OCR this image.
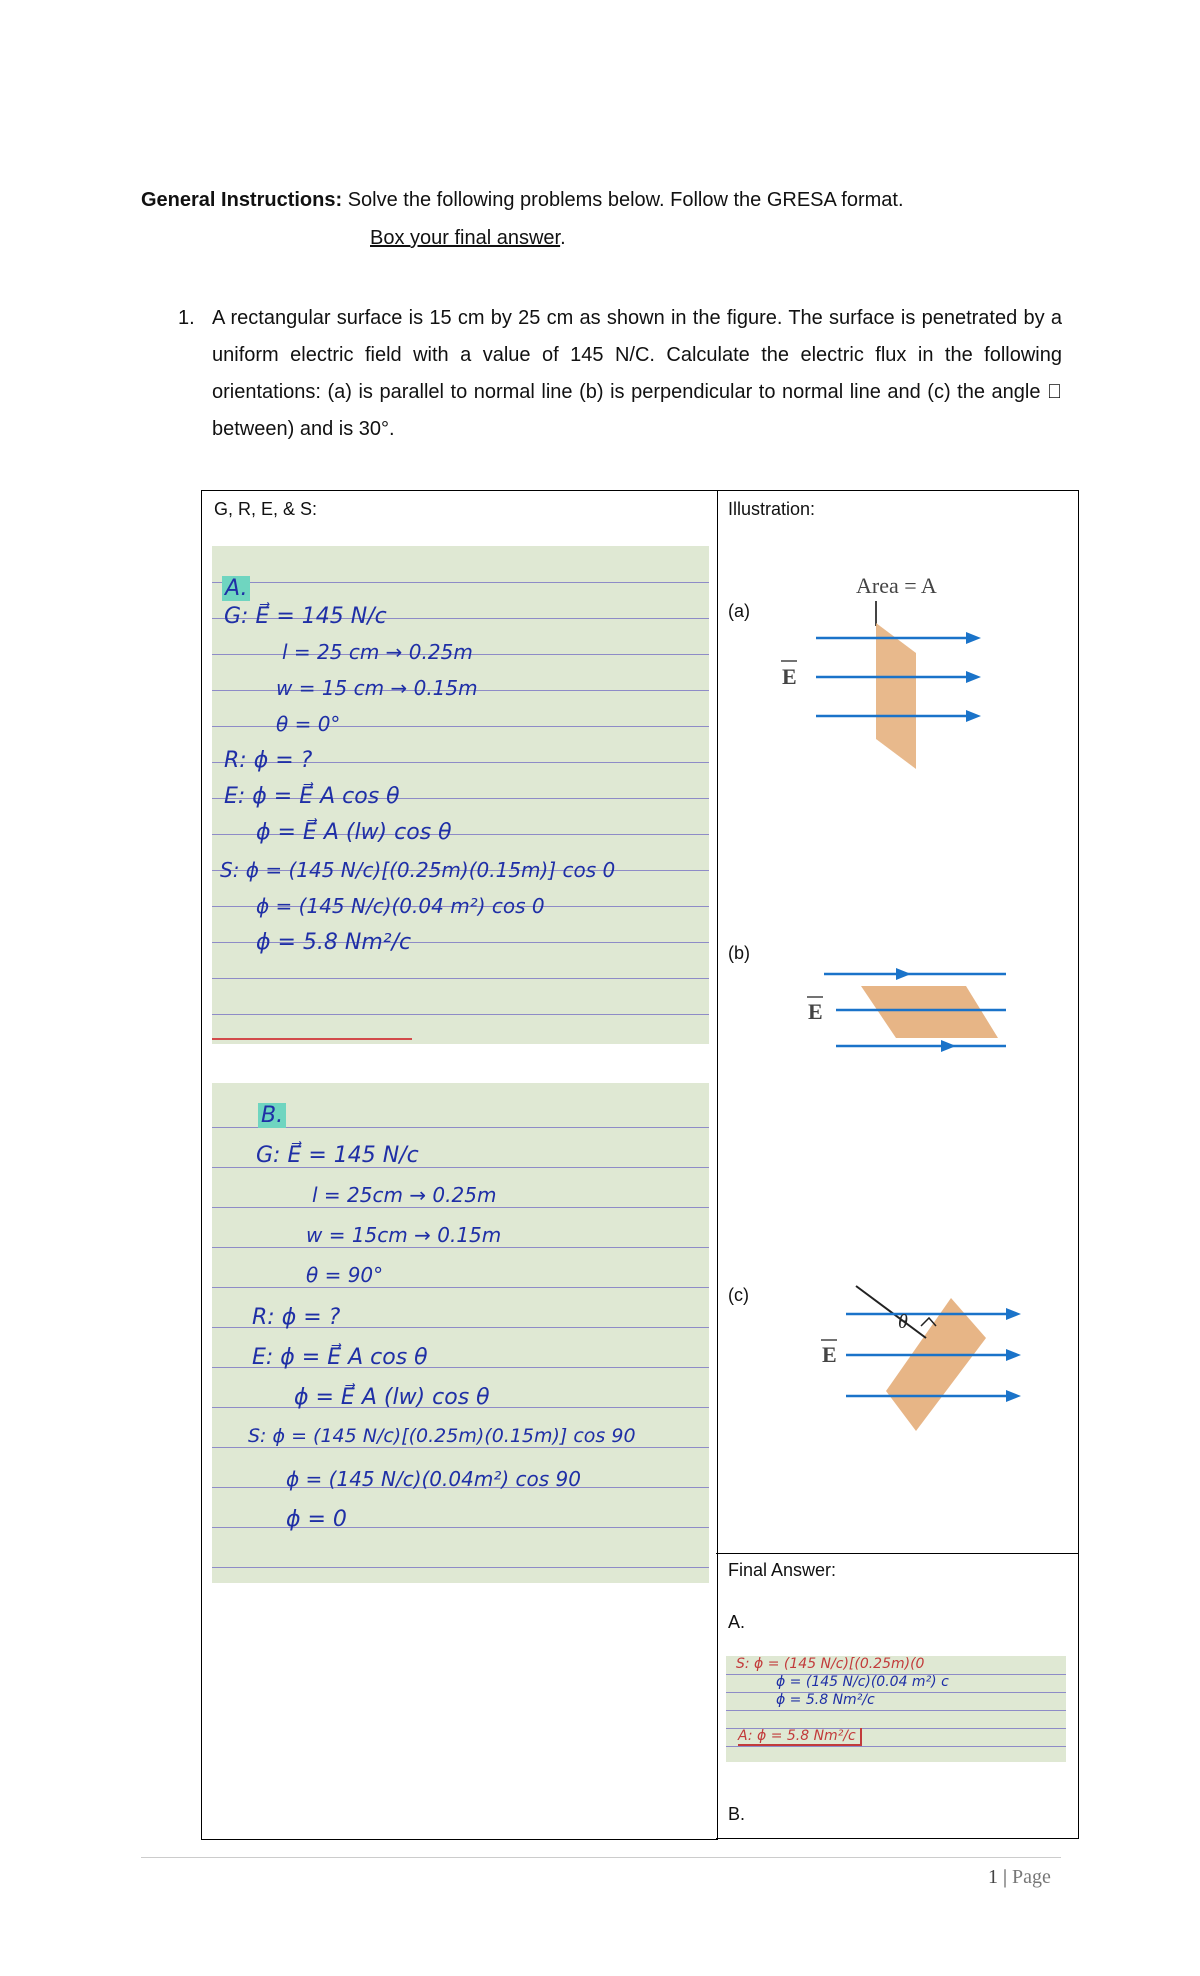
General Instructions: Solve the following problems below. Follow the GRESA format.
Box your final answer.
1. A rectangular surface is 15 cm by 25 cm as shown in the figure. The surface is penetrated by a uniform electric field with a value of 145 N/C. Calculate the electric flux in the following orientations: (a) is parallel to normal line (b) is perpendicular to normal line and (c) the angle between) and is 30°.
G, R, E, & S:
A.
G: E⃗ = 145 N/c
l = 25 cm → 0.25m
w = 15 cm → 0.15m
θ = 0°
R: ϕ = ?
E: ϕ = E⃗ A cos θ
ϕ = E⃗ A (lw) cos θ
S: ϕ = (145 N/c)[(0.25m)(0.15m)] cos 0
ϕ = (145 N/c)(0.04 m²) cos 0
ϕ = 5.8 Nm²/c
B.
G: E⃗ = 145 N/c
l = 25cm → 0.25m
w = 15cm → 0.15m
θ = 90°
R: ϕ = ?
E: ϕ = E⃗ A cos θ
ϕ = E⃗ A (lw) cos θ
S: ϕ = (145 N/c)[(0.25m)(0.15m)] cos 90
ϕ = (145 N/c)(0.04m²) cos 90
ϕ = 0
Illustration:
(a)
(b)
(c)
Area = A
E
E
θ
E
Final Answer:
A.
S: ϕ = (145 N/c)[(0.25m)(0
ϕ = (145 N/c)(0.04 m²) c
ϕ = 5.8 Nm²/c
A: ϕ = 5.8 Nm²/c
B.
1 | Page
